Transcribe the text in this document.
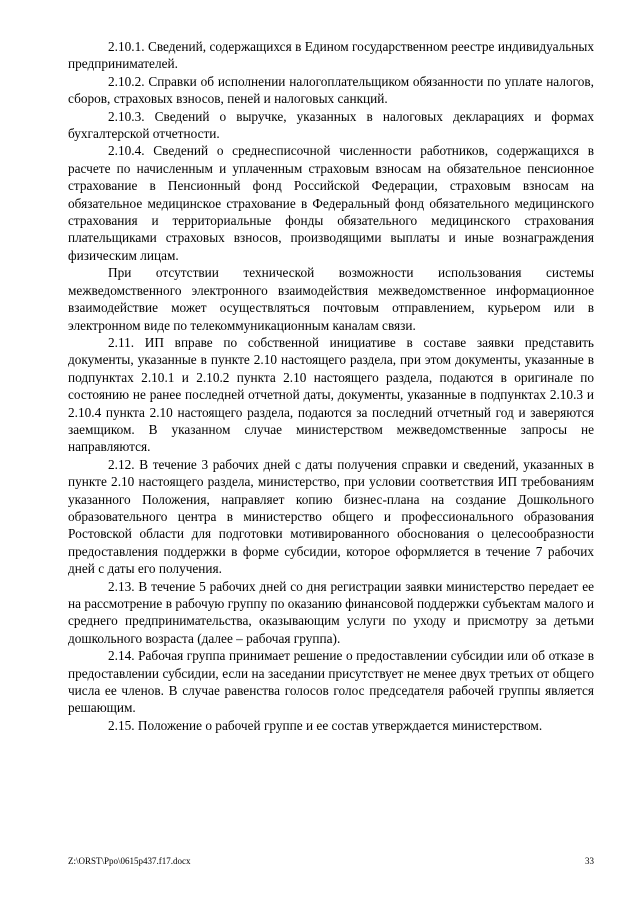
2.10.1. Сведений, содержащихся в Едином государственном реестре индивидуальных предпринимателей.

2.10.2. Справки об исполнении налогоплательщиком обязанности по уплате налогов, сборов, страховых взносов, пеней и налоговых санкций.

2.10.3. Сведений о выручке, указанных в налоговых декларациях и формах бухгалтерской отчетности.

2.10.4. Сведений о среднесписочной численности работников, содержащихся в расчете по начисленным и уплаченным страховым взносам на обязательное пенсионное страхование в Пенсионный фонд Российской Федерации, страховым взносам на обязательное медицинское страхование в Федеральный фонд обязательного медицинского страхования и территориальные фонды обязательного медицинского страхования плательщиками страховых взносов, производящими выплаты и иные вознаграждения физическим лицам.

При отсутствии технической возможности использования системы межведомственного электронного взаимодействия межведомственное информационное взаимодействие может осуществляться почтовым отправлением, курьером или в электронном виде по телекоммуникационным каналам связи.

2.11. ИП вправе по собственной инициативе в составе заявки представить документы, указанные в пункте 2.10 настоящего раздела, при этом документы, указанные в подпунктах 2.10.1 и 2.10.2 пункта 2.10 настоящего раздела, подаются в оригинале по состоянию не ранее последней отчетной даты, документы, указанные в подпунктах 2.10.3 и 2.10.4 пункта 2.10 настоящего раздела, подаются за последний отчетный год и заверяются заемщиком. В указанном случае министерством межведомственные запросы не направляются.

2.12. В течение 3 рабочих дней с даты получения справки и сведений, указанных в пункте 2.10 настоящего раздела, министерство, при условии соответствия ИП требованиям указанного Положения, направляет копию бизнес-плана на создание Дошкольного образовательного центра в министерство общего и профессионального образования Ростовской области для подготовки мотивированного обоснования о целесообразности предоставления поддержки в форме субсидии, которое оформляется в течение 7 рабочих дней с даты его получения.

2.13. В течение 5 рабочих дней со дня регистрации заявки министерство передает ее на рассмотрение в рабочую группу по оказанию финансовой поддержки субъектам малого и среднего предпринимательства, оказывающим услуги по уходу и присмотру за детьми дошкольного возраста (далее – рабочая группа).

2.14. Рабочая группа принимает решение о предоставлении субсидии или об отказе в предоставлении субсидии, если на заседании присутствует не менее двух третьих от общего числа ее членов. В случае равенства голосов голос председателя рабочей группы является решающим.

2.15. Положение о рабочей группе и ее состав утверждается министерством.

Z:\ORST\Ppo\0615p437.f17.docx	33
